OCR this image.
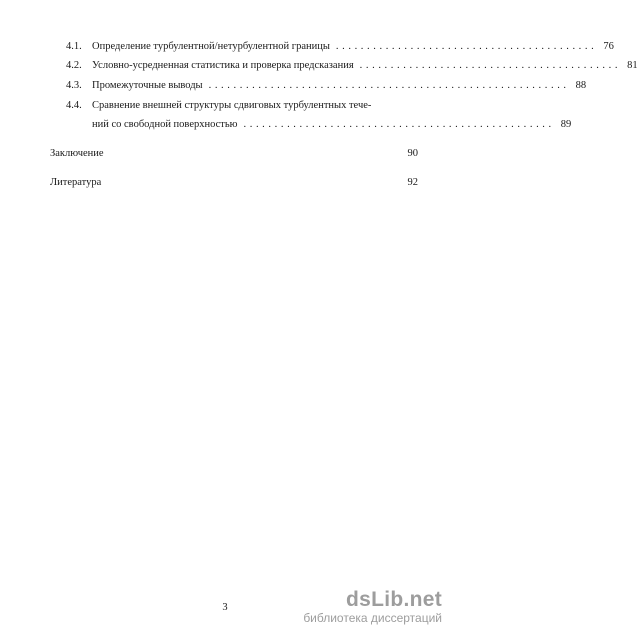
4.1. Определение турбулентной/нетурбулентной границы .......................................... 76
4.2. Условно-усредненная статистика и проверка предсказания .......................................... 81
4.3. Промежуточные выводы .......................................................... 88
4.4. Сравнение внешней структуры сдвиговых турбулентных тече-
ний со свободной поверхностью .................................................. 89
Заключение	90
Литература	92
3	dsLib.net
библиотека диссертаций
